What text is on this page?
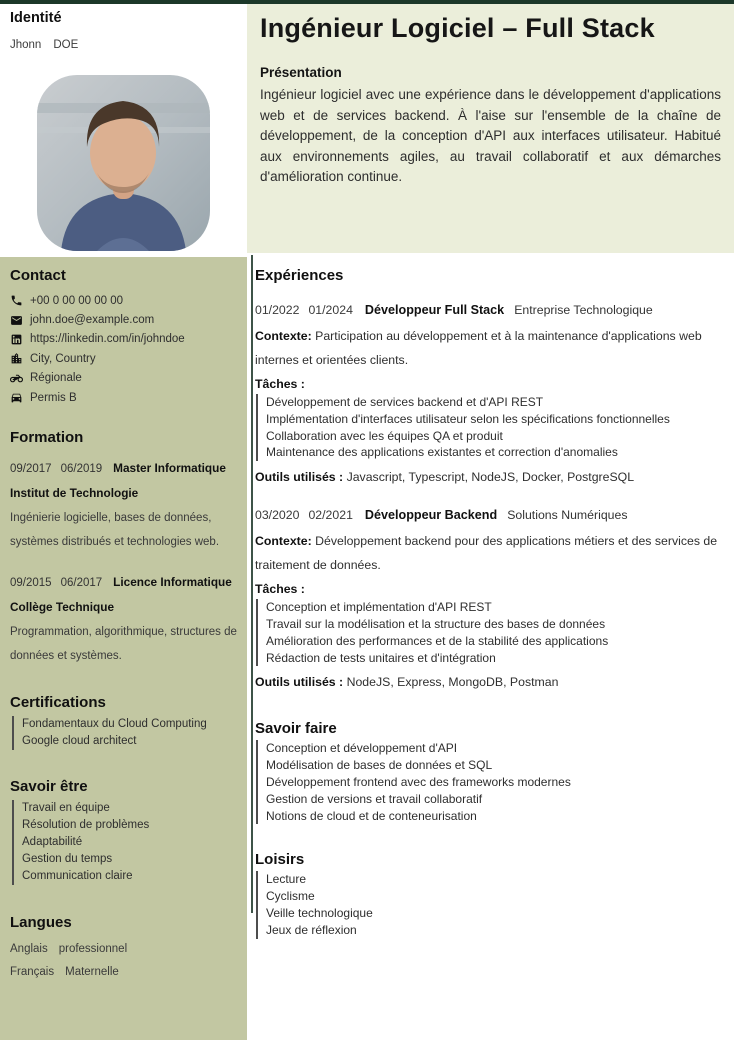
Identité
Jhonn DOE
Ingénieur Logiciel – Full Stack
Présentation
Ingénieur logiciel avec une expérience dans le développement d'applications web et de services backend. À l'aise sur l'ensemble de la chaîne de développement, de la conception d'API aux interfaces utilisateur. Habitué aux environnements agiles, au travail collaboratif et aux démarches d'amélioration continue.
Contact
+00 0 00 00 00 00
john.doe@example.com
https://linkedin.com/in/johndoe
City, Country
Régionale
Permis B
Formation
09/2017 06/2019 Master Informatique
Institut de Technologie
Ingénierie logicielle, bases de données, systèmes distribués et technologies web.
09/2015 06/2017 Licence Informatique
Collège Technique
Programmation, algorithmique, structures de données et systèmes.
Certifications
Fondamentaux du Cloud Computing
Google cloud architect
Savoir être
Travail en équipe
Résolution de problèmes
Adaptabilité
Gestion du temps
Communication claire
Langues
Anglais professionnel
Français Maternelle
Expériences
01/2022 01/2024 Développeur Full Stack Entreprise Technologique
Contexte: Participation au développement et à la maintenance d'applications web internes et orientées clients.
Tâches :
Développement de services backend et d'API REST
Implémentation d'interfaces utilisateur selon les spécifications fonctionnelles
Collaboration avec les équipes QA et produit
Maintenance des applications existantes et correction d'anomalies
Outils utilisés : Javascript, Typescript, NodeJS, Docker, PostgreSQL
03/2020 02/2021 Développeur Backend Solutions Numériques
Contexte: Développement backend pour des applications métiers et des services de traitement de données.
Tâches :
Conception et implémentation d'API REST
Travail sur la modélisation et la structure des bases de données
Amélioration des performances et de la stabilité des applications
Rédaction de tests unitaires et d'intégration
Outils utilisés : NodeJS, Express, MongoDB, Postman
Savoir faire
Conception et développement d'API
Modélisation de bases de données et SQL
Développement frontend avec des frameworks modernes
Gestion de versions et travail collaboratif
Notions de cloud et de conteneurisation
Loisirs
Lecture
Cyclisme
Veille technologique
Jeux de réflexion
